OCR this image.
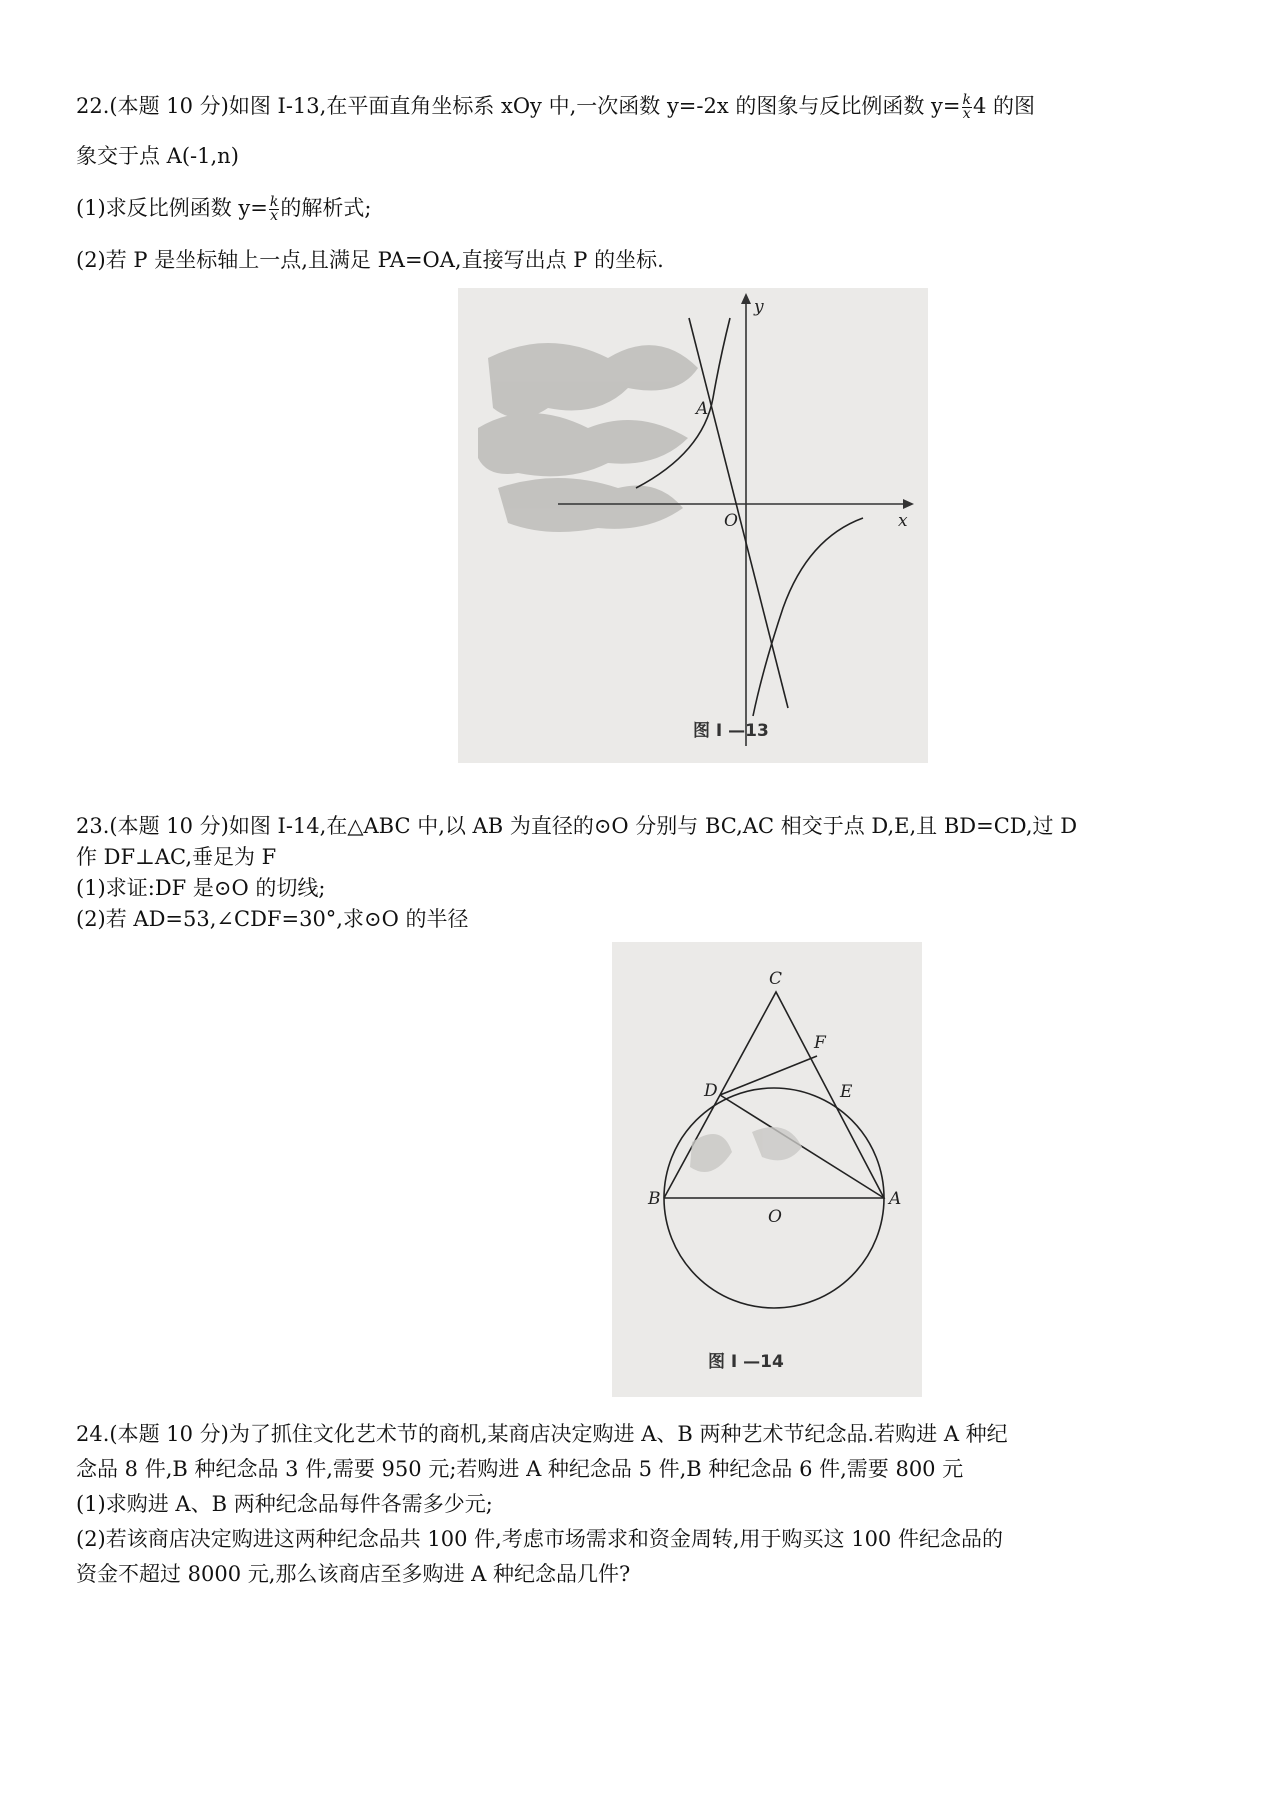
22.(本题 10 分)如图 I-13,在平面直角坐标系 xOy 中,一次函数 y=-2x 的图象与反比例函数 $y= \frac{k}{x} 4$ 的图
象交于点 A(-1,n)
(1)求反比例函数 $y= \frac{k}{x}$ 的解析式;
(2)若 P 是坐标轴上一点,且满足 PA=OA,直接写出点 P 的坐标.
y
x
O
A
图 I —13
23.(本题 10 分)如图 I-14,在△ABC 中,以 AB 为直径的⊙O 分别与 BC,AC 相交于点 D,E,且 BD=CD,过 D
作 DF⊥AC,垂足为 F
(1)求证:DF 是⊙O 的切线;
(2)若 AD=53,∠CDF=30°,求⊙O 的半径
C
F
D	E
B
O
A
图 I —14
24.(本题 10 分)为了抓住文化艺术节的商机,某商店决定购进 A、B 两种艺术节纪念品.若购进 A 种纪
念品 8 件,B 种纪念品 3 件,需要 950 元;若购进 A 种纪念品 5 件,B 种纪念品 6 件,需要 800 元
(1)求购进 A、B 两种纪念品每件各需多少元;
(2)若该商店决定购进这两种纪念品共 100 件,考虑市场需求和资金周转,用于购买这 100 件纪念品的
资金不超过 8000 元,那么该商店至多购进 A 种纪念品几件?
